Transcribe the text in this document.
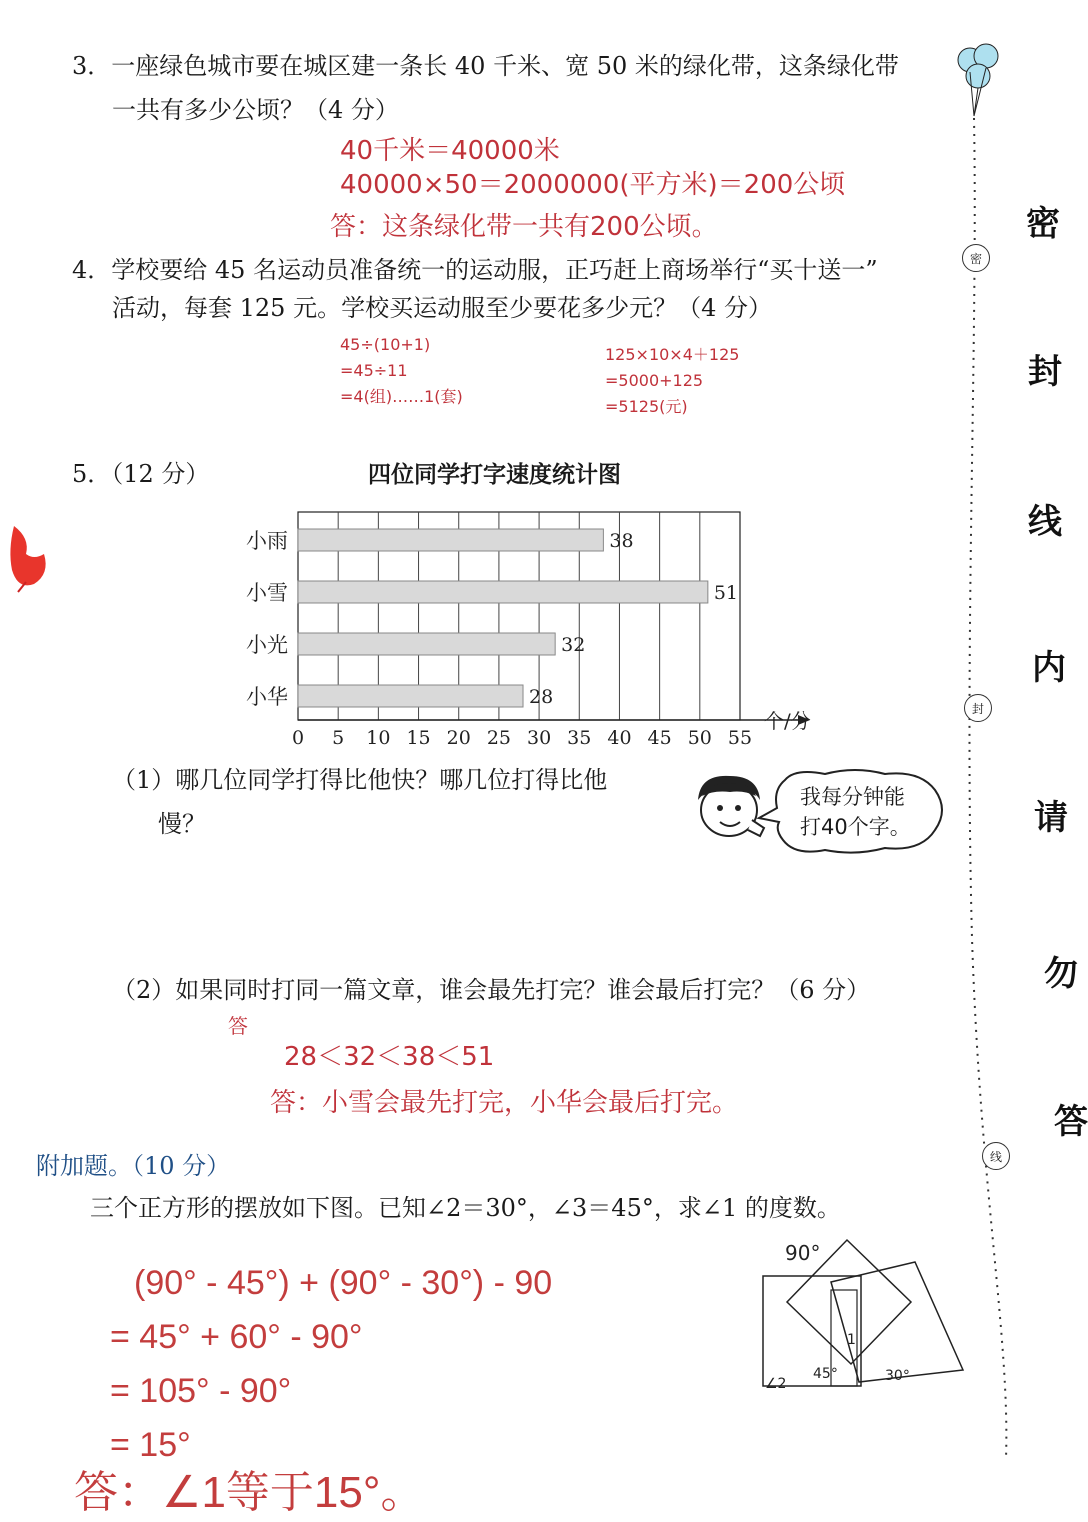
3．一座绿色城市要在城区建一条长 40 千米、宽 50 米的绿化带，这条绿化带
一共有多少公顷？（4 分）
40千米＝40000米
40000×50＝2000000(平方米)＝200公顷
答：这条绿化带一共有200公顷。
4．学校要给 45 名运动员准备统一的运动服，正巧赶上商场举行“买十送一”
活动，每套 125 元。学校买运动服至少要花多少元？（4 分）
45÷(10+1)
=45÷11
=4(组)……1(套)
125×10×4＋125
=5000+125
=5125(元)
5．（12 分）	四位同学打字速度统计图
38
51
32
28
小雨
小雪
小光
小华
0 5 10 15 20 25 30 35 40 45 50 55
个/分
我每分钟能
打40个字。
（1）哪几位同学打得比他快？哪几位打得比他
慢？
（2）如果同时打同一篇文章，谁会最先打完？谁会最后打完？（6 分）
答
28＜32＜38＜51
答：小雪会最先打完，小华会最后打完。
附加题。（10 分）
三个正方形的摆放如下图。已知∠2＝30°，∠3＝45°，求∠1 的度数。
(90° - 45°) + (90° - 30°) - 90
= 45° + 60° - 90°
= 105° - 90°
= 15°
答：∠1等于15°。
90°
1
∠2
45°	30°
密
封
线
密
封
线
内
请
勿
答
